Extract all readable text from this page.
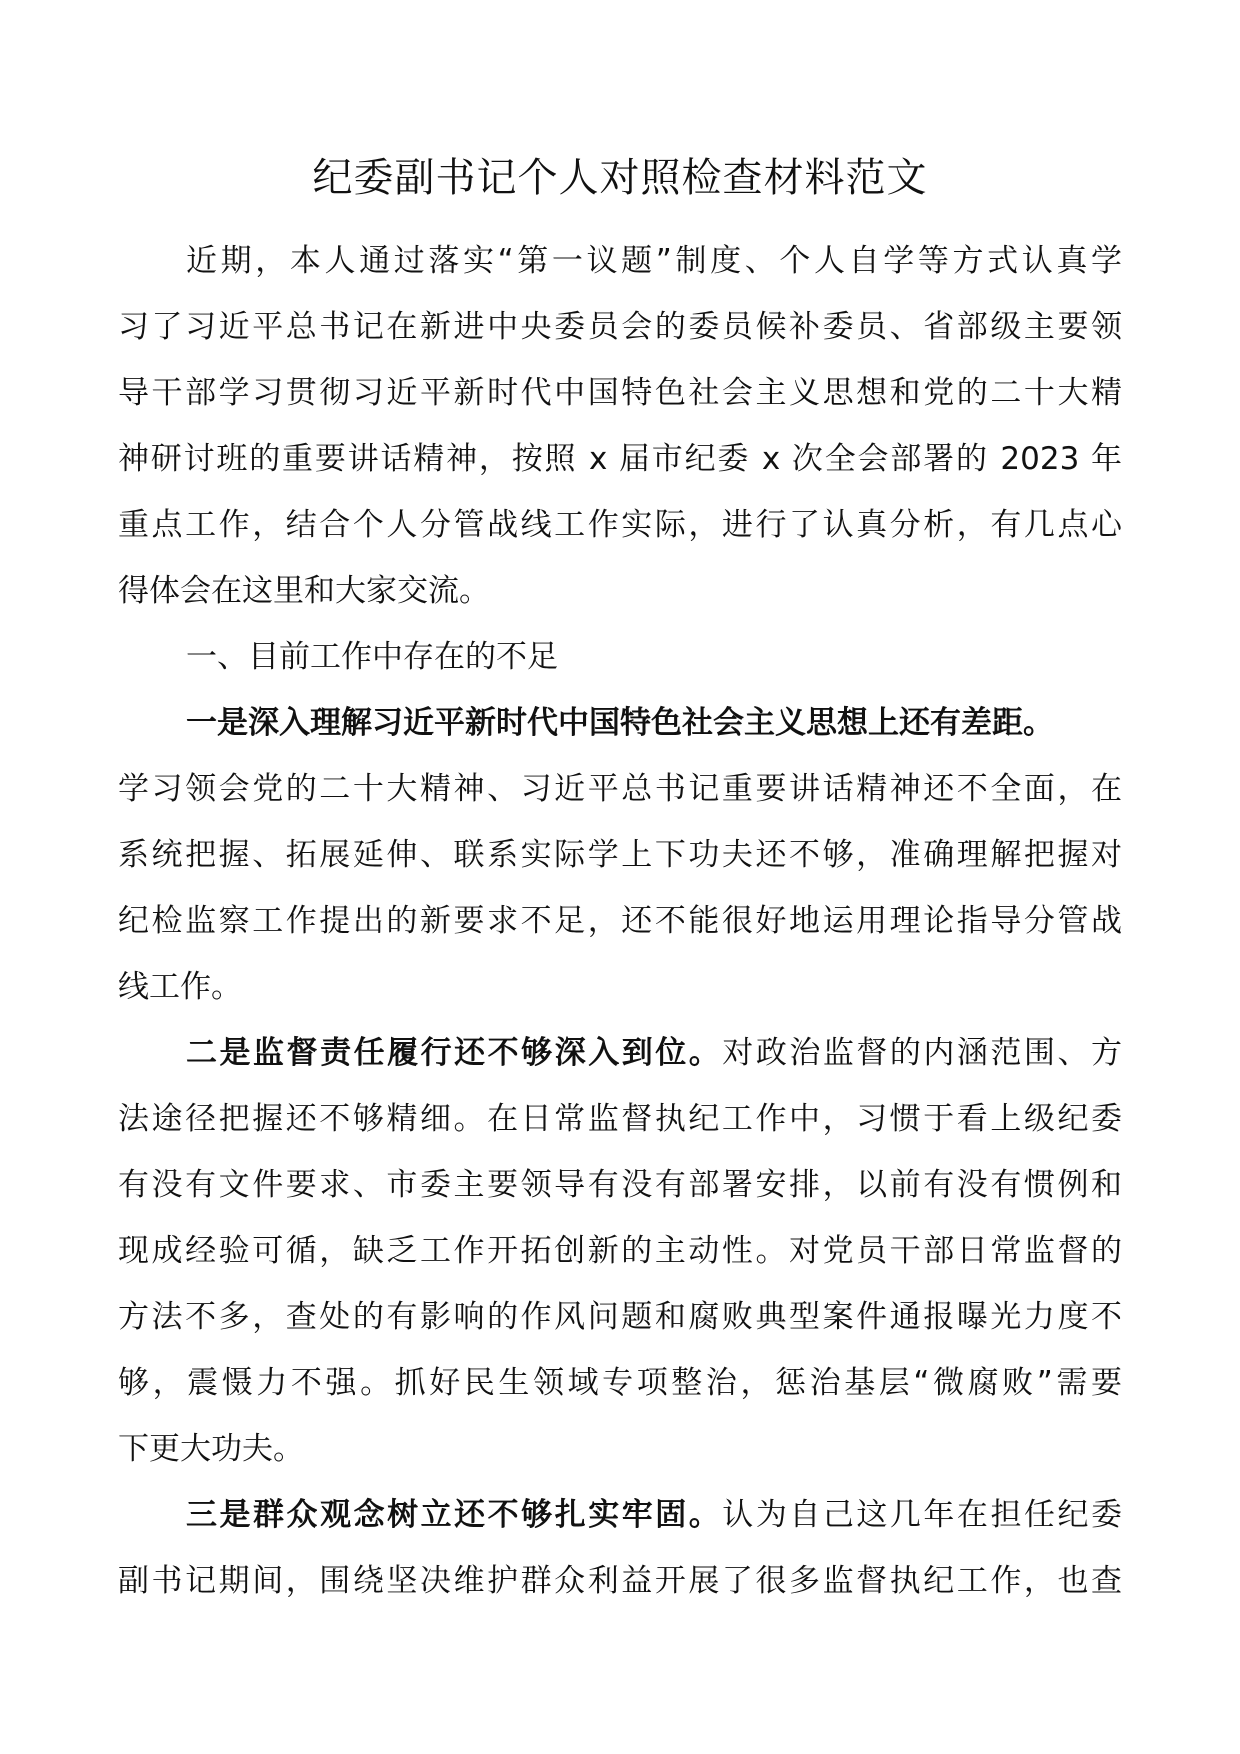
纪委副书记个人对照检查材料范文
近期，本人通过落实“第一议题”制度、个人自学等方式认真学
习了习近平总书记在新进中央委员会的委员候补委员、省部级主要领
导干部学习贯彻习近平新时代中国特色社会主义思想和党的二十大精
神研讨班的重要讲话精神，按照 x 届市纪委 x 次全会部署的 2023 年
重点工作，结合个人分管战线工作实际，进行了认真分析，有几点心
得体会在这里和大家交流。
一、目前工作中存在的不足
一是深入理解习近平新时代中国特色社会主义思想上还有差距。
学习领会党的二十大精神、习近平总书记重要讲话精神还不全面，在
系统把握、拓展延伸、联系实际学上下功夫还不够，准确理解把握对
纪检监察工作提出的新要求不足，还不能很好地运用理论指导分管战
线工作。
二是监督责任履行还不够深入到位。对政治监督的内涵范围、方
法途径把握还不够精细。在日常监督执纪工作中，习惯于看上级纪委
有没有文件要求、市委主要领导有没有部署安排，以前有没有惯例和
现成经验可循，缺乏工作开拓创新的主动性。对党员干部日常监督的
方法不多，查处的有影响的作风问题和腐败典型案件通报曝光力度不
够，震慑力不强。抓好民生领域专项整治，惩治基层“微腐败”需要
下更大功夫。
三是群众观念树立还不够扎实牢固。认为自己这几年在担任纪委
副书记期间，围绕坚决维护群众利益开展了很多监督执纪工作，也查
